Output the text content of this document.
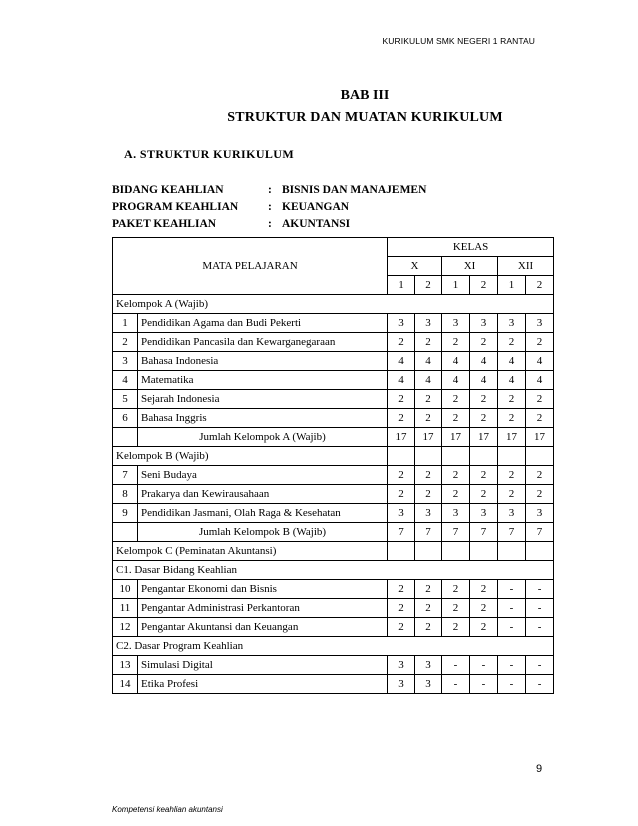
KURIKULUM SMK NEGERI 1 RANTAU
BAB III
STRUKTUR DAN MUATAN KURIKULUM
A. STRUKTUR KURIKULUM
BIDANG KEAHLIAN	: BISNIS DAN MANAJEMEN
PROGRAM KEAHLIAN	: KEUANGAN
PAKET KEAHLIAN	: AKUNTANSI
MATA PELAJARAN		KELAS					
		X		XI		XII	
		1	2	1	2	1	2
Kelompok A (Wajib)							
1	Pendidikan Agama dan Budi Pekerti	3	3	3	3	3	3
2	Pendidikan Pancasila dan Kewarganegaraan	2	2	2	2	2	2
3	Bahasa Indonesia	4	4	4	4	4	4
4	Matematika	4	4	4	4	4	4
5	Sejarah Indonesia	2	2	2	2	2	2
6	Bahasa Inggris	2	2	2	2	2	2
	Jumlah Kelompok A (Wajib)	17	17	17	17	17	17
Kelompok B (Wajib)							
7	Seni Budaya	2	2	2	2	2	2
8	Prakarya dan Kewirausahaan	2	2	2	2	2	2
9	Pendidikan Jasmani, Olah Raga & Kesehatan	3	3	3	3	3	3
	Jumlah Kelompok B (Wajib)	7	7	7	7	7	7
Kelompok C (Peminatan Akuntansi)							
C1. Dasar Bidang Keahlian							
10	Pengantar Ekonomi dan Bisnis	2	2	2	2	-	-
11	Pengantar Administrasi Perkantoran	2	2	2	2	-	-
12	Pengantar Akuntansi dan Keuangan	2	2	2	2	-	-
C2. Dasar Program Keahlian							
13	Simulasi Digital	3	3	-	-	-	-
14	Etika Profesi	3	3	-	-	-	-
9
Kompetensi keahlian akuntansi
